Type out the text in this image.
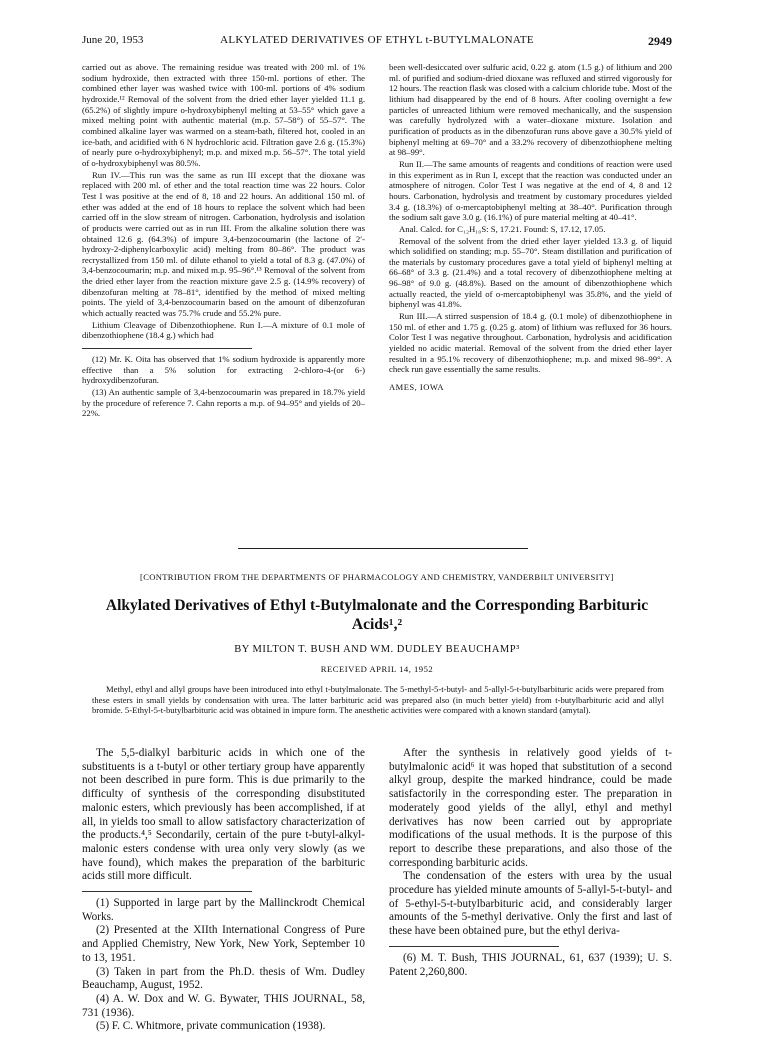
June 20, 1953	ALKYLATED DERIVATIVES OF ETHYL t-BUTYLMALONATE	2949

carried out as above. The remaining residue was treated with 200 ml. of 1% sodium hydroxide, then extracted with three 150-ml. portions of ether. The combined ether layer was washed twice with 100-ml. portions of 4% sodium hydroxide.¹² Removal of the solvent from the dried ether layer yielded 11.1 g. (65.2%) of slightly impure o-hydroxybiphenyl melting at 53–55° which gave a mixed melting point with authentic material (m.p. 57–58°) of 55–57°. The combined alkaline layer was warmed on a steam-bath, filtered hot, cooled in an ice-bath, and acidified with 6 N hydrochloric acid. Filtration gave 2.6 g. (15.3%) of nearly pure o-hydroxybiphenyl; m.p. and mixed m.p. 56–57°. The total yield of o-hydroxybiphenyl was 80.5%.

Run IV.—This run was the same as run III except that the dioxane was replaced with 200 ml. of ether and the total reaction time was 22 hours. Color Test I was positive at the end of 8, 18 and 22 hours. An additional 150 ml. of ether was added at the end of 18 hours to replace the solvent which had been carried off in the slow stream of nitrogen. Carbonation, hydrolysis and isolation of products were carried out as in run III. From the alkaline solution there was obtained 12.6 g. (64.3%) of impure 3,4-benzocoumarin (the lactone of 2′-hydroxy-2-diphenylcarboxylic acid) melting from 80–86°. The product was recrystallized from 150 ml. of dilute ethanol to yield a total of 8.3 g. (47.0%) of 3,4-benzocoumarin; m.p. and mixed m.p. 95–96°.¹³ Removal of the solvent from the dried ether layer from the reaction mixture gave 2.5 g. (14.9% recovery) of dibenzofuran melting at 78–81°, identified by the method of mixed melting points. The yield of 3,4-benzocoumarin based on the amount of dibenzofuran which actually reacted was 75.7% crude and 55.2% pure.

Lithium Cleavage of Dibenzothiophene. Run I.—A mixture of 0.1 mole of dibenzothiophene (18.4 g.) which had

(12) Mr. K. Oita has observed that 1% sodium hydroxide is apparently more effective than a 5% solution for extracting 2-chloro-4-(or 6-) hydroxydibenzofuran.

(13) An authentic sample of 3,4-benzocoumarin was prepared in 18.7% yield by the procedure of reference 7. Cahn reports a m.p. of 94–95° and yields of 20–22%.

been well-desiccated over sulfuric acid, 0.22 g. atom (1.5 g.) of lithium and 200 ml. of purified and sodium-dried dioxane was refluxed and stirred vigorously for 12 hours. The reaction flask was closed with a calcium chloride tube. Most of the lithium had disappeared by the end of 8 hours. After cooling overnight a few particles of unreacted lithium were removed mechanically, and the suspension was carefully hydrolyzed with a water–dioxane mixture. Isolation and purification of products as in the dibenzofuran runs above gave a 30.5% yield of biphenyl melting at 69–70° and a 33.2% recovery of dibenzothiophene melting at 98–99°.

Run II.—The same amounts of reagents and conditions of reaction were used in this experiment as in Run I, except that the reaction was conducted under an atmosphere of nitrogen. Color Test I was negative at the end of 4, 8 and 12 hours. Carbonation, hydrolysis and treatment by customary procedures yielded 3.4 g. (18.3%) of o-mercaptobiphenyl melting at 38–40°. Purification through the sodium salt gave 3.0 g. (16.1%) of pure material melting at 40–41°.

Anal. Calcd. for C₁₂H₁₀S: S, 17.21. Found: S, 17.12, 17.05.

Removal of the solvent from the dried ether layer yielded 13.3 g. of liquid which solidified on standing; m.p. 55–70°. Steam distillation and purification of the materials by customary procedures gave a total yield of biphenyl melting at 66–68° of 3.3 g. (21.4%) and a total recovery of dibenzothiophene melting at 96–98° of 9.0 g. (48.8%). Based on the amount of dibenzothiophene which actually reacted, the yield of o-mercaptobiphenyl was 35.8%, and the yield of biphenyl was 41.8%.

Run III.—A stirred suspension of 18.4 g. (0.1 mole) of dibenzothiophene in 150 ml. of ether and 1.75 g. (0.25 g. atom) of lithium was refluxed for 36 hours. Color Test I was negative throughout. Carbonation, hydrolysis and acidification yielded no acidic material. Removal of the solvent from the dried ether layer resulted in a 95.1% recovery of dibenzothiophene; m.p. and mixed 98–99°. A check run gave essentially the same results.

AMES, IOWA
[CONTRIBUTION FROM THE DEPARTMENTS OF PHARMACOLOGY AND CHEMISTRY, VANDERBILT UNIVERSITY]
Alkylated Derivatives of Ethyl t-Butylmalonate and the Corresponding Barbituric Acids¹,²
BY MILTON T. BUSH AND WM. DUDLEY BEAUCHAMP³
RECEIVED APRIL 14, 1952
Methyl, ethyl and allyl groups have been introduced into ethyl t-butylmalonate. The 5-methyl-5-t-butyl- and 5-allyl-5-t-butylbarbituric acids were prepared from these esters in small yields by condensation with urea. The latter barbituric acid was prepared also (in much better yield) from t-butylbarbituric acid and allyl bromide. 5-Ethyl-5-t-butylbarbituric acid was obtained in impure form. The anesthetic activities were compared with a known standard (amytal).

The 5,5-dialkyl barbituric acids in which one of the substituents is a t-butyl or other tertiary group have apparently not been described in pure form. This is due primarily to the difficulty of synthesis of the corresponding disubstituted malonic esters, which previously has been accomplished, if at all, in yields too small to allow satisfactory characterization of the products.⁴,⁵ Secondarily, certain of the pure t-butyl-alkyl-malonic esters condense with urea only very slowly (as we have found), which makes the preparation of the barbituric acids still more difficult.

(1) Supported in large part by the Mallinckrodt Chemical Works.

(2) Presented at the XIIth International Congress of Pure and Applied Chemistry, New York, New York, September 10 to 13, 1951.

(3) Taken in part from the Ph.D. thesis of Wm. Dudley Beauchamp, August, 1952.

(4) A. W. Dox and W. G. Bywater, THIS JOURNAL, 58, 731 (1936).

(5) F. C. Whitmore, private communication (1938).

After the synthesis in relatively good yields of t-butylmalonic acid⁶ it was hoped that substitution of a second alkyl group, despite the marked hindrance, could be made satisfactorily in the corresponding ester. The preparation in moderately good yields of the allyl, ethyl and methyl derivatives has now been carried out by appropriate modifications of the usual methods. It is the purpose of this report to describe these preparations, and also those of the corresponding barbituric acids.

The condensation of the esters with urea by the usual procedure has yielded minute amounts of 5-allyl-5-t-butyl- and of 5-ethyl-5-t-butylbarbituric acid, and considerably larger amounts of the 5-methyl derivative. Only the first and last of these have been obtained pure, but the ethyl deriva-

(6) M. T. Bush, THIS JOURNAL, 61, 637 (1939); U. S. Patent 2,260,800.
